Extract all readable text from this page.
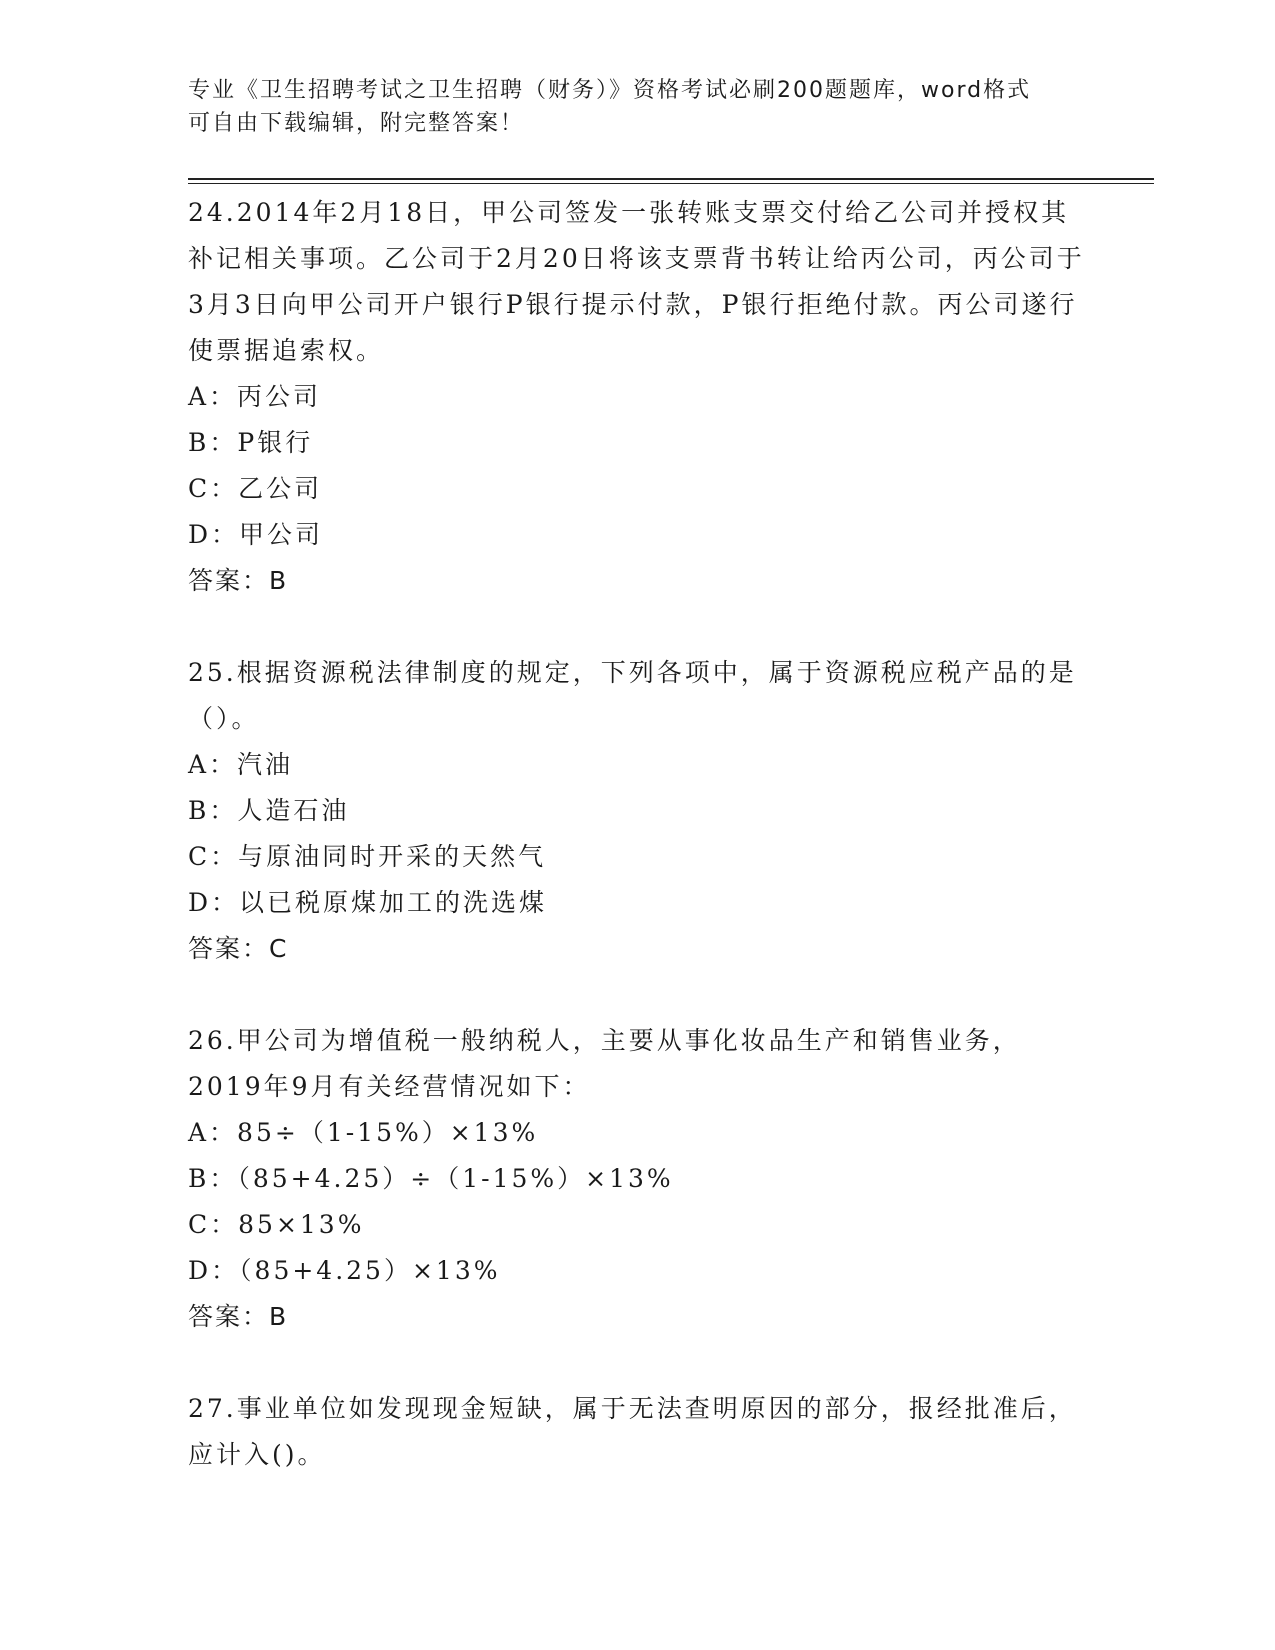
专业《卫生招聘考试之卫生招聘（财务）》资格考试必刷200题题库，word格式
可自由下载编辑，附完整答案！
24.2014年2月18日，甲公司签发一张转账支票交付给乙公司并授权其补记相关事项。乙公司于2月20日将该支票背书转让给丙公司，丙公司于3月3日向甲公司开户银行P银行提示付款，P银行拒绝付款。丙公司遂行使票据追索权。
A：丙公司
B：P银行
C：乙公司
D：甲公司
答案：B
25.根据资源税法律制度的规定，下列各项中，属于资源税应税产品的是（）。
A：汽油
B：人造石油
C：与原油同时开采的天然气
D：以已税原煤加工的洗选煤
答案：C
26.甲公司为增值税一般纳税人，主要从事化妆品生产和销售业务，2019年9月有关经营情况如下：
A：85÷（1-15%）×13%
B：（85+4.25）÷（1-15%）×13%
C：85×13%
D：（85+4.25）×13%
答案：B
27.事业单位如发现现金短缺，属于无法查明原因的部分，报经批准后，应计入()。
